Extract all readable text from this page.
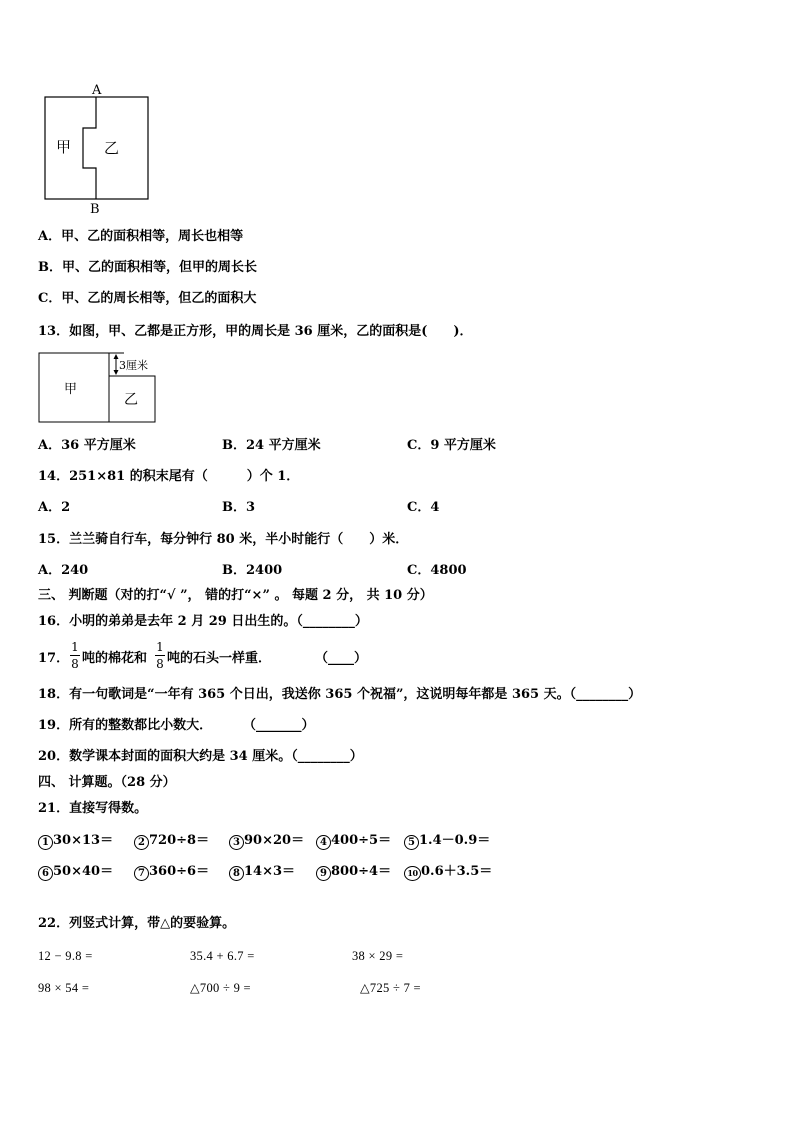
A
B
甲 乙
A．甲、乙的面积相等，周长也相等
B．甲、乙的面积相等，但甲的周长长
C．甲、乙的周长相等，但乙的面积大
13．如图，甲、乙都是正方形，甲的周长是 36 厘米，乙的面积是(　　)．
甲
乙
3厘米
A．36 平方厘米	B．24 平方厘米	C．9 平方厘米
14．251×81 的积末尾有（　　　）个 1．
A．2	B．3	C．4
15．兰兰骑自行车，每分钟行 80 米，半小时能行（　　）米．
A．240	B．2400	C．4800
三、 判断题（对的打“√ ”， 错的打“×” 。 每题 2 分， 共 10 分）
16．小明的弟弟是去年 2 月 29 日出生的。（________）
17．
1
8 吨的棉花和
1
8 吨的石头一样重．	（____）
18．有一句歌词是“一年有 365 个日出，我送你 365 个祝福”，这说明每年都是 365 天。（________）
19．所有的整数都比小数大． （_______）
20．数学课本封面的面积大约是 34 厘米。（________）
四、 计算题。（28 分）
21．直接写得数。
1 30×13＝	2 720÷8＝	3 90×20＝	4 400÷5＝	5 1.4－0.9＝
6 50×40＝	7 360÷6＝	8 14×3＝	9 800÷4＝	10 0.6＋3.5＝
22．列竖式计算，带△的要验算。
12 − 9.8 =	35.4 + 6.7 =	38 × 29 =
98 × 54 =	△700 ÷ 9 =	△725 ÷ 7 =
